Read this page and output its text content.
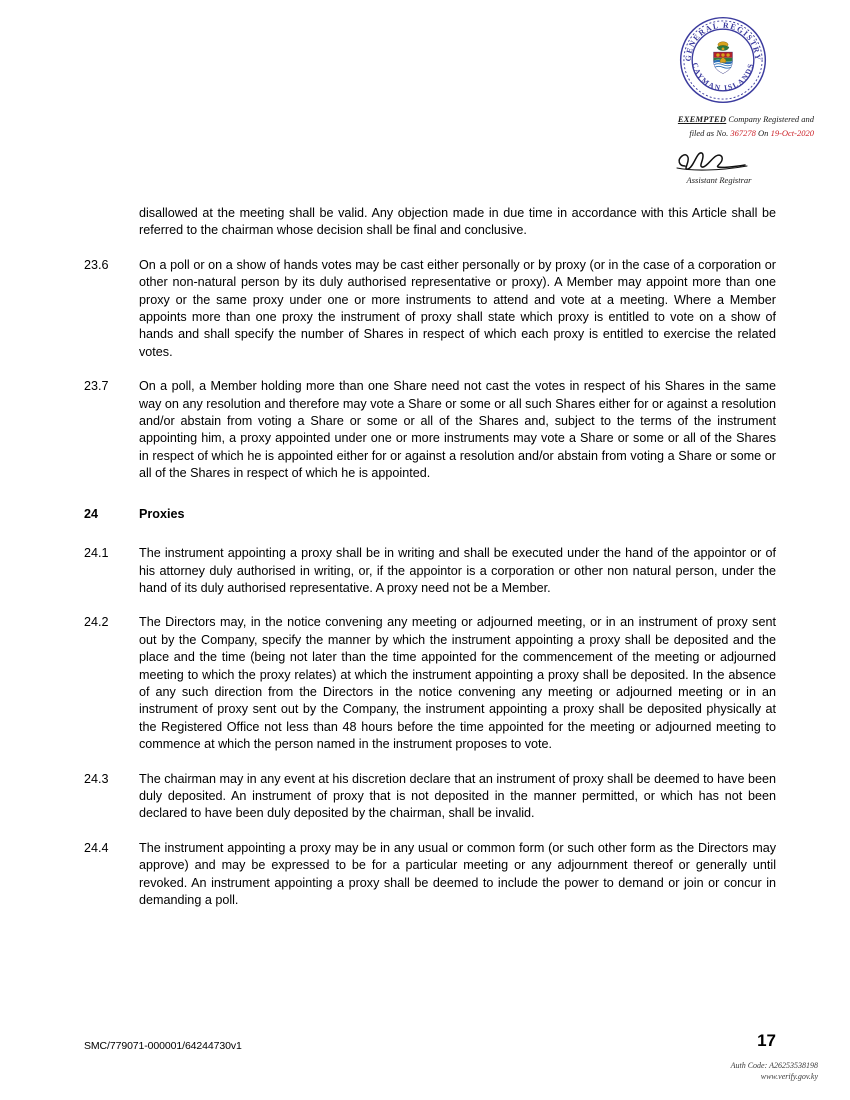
GENERAL REGISTRY
CAYMAN ISLANDS
EXEMPTED Company Registered and
filed as No. 367278 On 19-Oct-2020
Assistant Registrar
disallowed at the meeting shall be valid. Any objection made in due time in accordance with this Article shall be referred to the chairman whose decision shall be final and conclusive.
23.6	On a poll or on a show of hands votes may be cast either personally or by proxy (or in the case of a corporation or other non-natural person by its duly authorised representative or proxy). A Member may appoint more than one proxy or the same proxy under one or more instruments to attend and vote at a meeting. Where a Member appoints more than one proxy the instrument of proxy shall state which proxy is entitled to vote on a show of hands and shall specify the number of Shares in respect of which each proxy is entitled to exercise the related votes.
23.7	On a poll, a Member holding more than one Share need not cast the votes in respect of his Shares in the same way on any resolution and therefore may vote a Share or some or all such Shares either for or against a resolution and/or abstain from voting a Share or some or all of the Shares and, subject to the terms of the instrument appointing him, a proxy appointed under one or more instruments may vote a Share or some or all of the Shares in respect of which he is appointed either for or against a resolution and/or abstain from voting a Share or some or all of the Shares in respect of which he is appointed.
24	Proxies
24.1	The instrument appointing a proxy shall be in writing and shall be executed under the hand of the appointor or of his attorney duly authorised in writing, or, if the appointor is a corporation or other non natural person, under the hand of its duly authorised representative. A proxy need not be a Member.
24.2	The Directors may, in the notice convening any meeting or adjourned meeting, or in an instrument of proxy sent out by the Company, specify the manner by which the instrument appointing a proxy shall be deposited and the place and the time (being not later than the time appointed for the commencement of the meeting or adjourned meeting to which the proxy relates) at which the instrument appointing a proxy shall be deposited. In the absence of any such direction from the Directors in the notice convening any meeting or adjourned meeting or in an instrument of proxy sent out by the Company, the instrument appointing a proxy shall be deposited physically at the Registered Office not less than 48 hours before the time appointed for the meeting or adjourned meeting to commence at which the person named in the instrument proposes to vote.
24.3	The chairman may in any event at his discretion declare that an instrument of proxy shall be deemed to have been duly deposited. An instrument of proxy that is not deposited in the manner permitted, or which has not been declared to have been duly deposited by the chairman, shall be invalid.
24.4	The instrument appointing a proxy may be in any usual or common form (or such other form as the Directors may approve) and may be expressed to be for a particular meeting or any adjournment thereof or generally until revoked. An instrument appointing a proxy shall be deemed to include the power to demand or join or concur in demanding a poll.
SMC/779071-000001/64244730v1	17
Auth Code: A26253538198
www.verify.gov.ky
